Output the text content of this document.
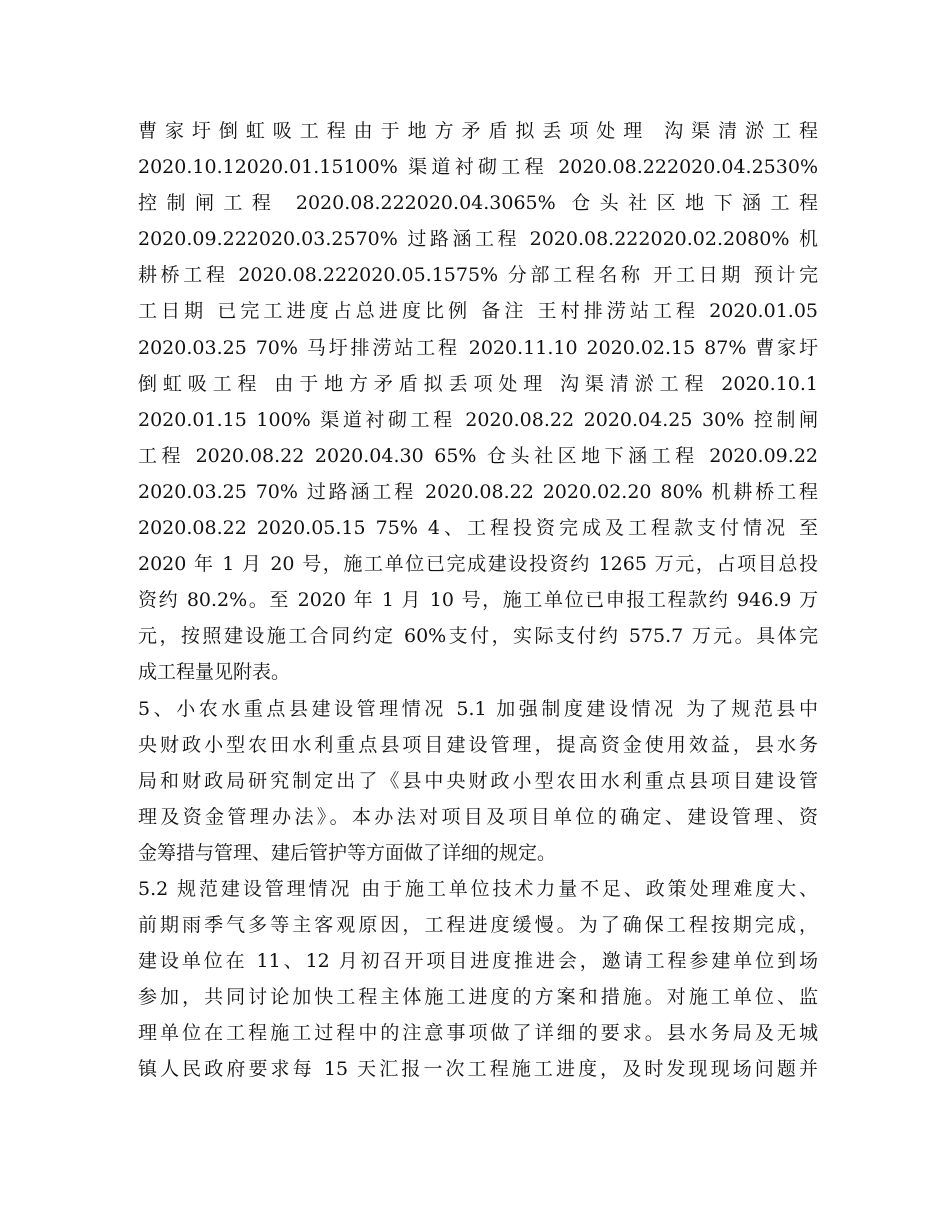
曹家圩倒虹吸工程由于地方矛盾拟丢项处理 沟渠清淤工程
2020.10.12020.01.15100% 渠道衬砌工程 2020.08.222020.04.2530%
控制闸工程 2020.08.222020.04.3065% 仓头社区地下涵工程
2020.09.222020.03.2570% 过路涵工程 2020.08.222020.02.2080% 机
耕桥工程 2020.08.222020.05.1575% 分部工程名称 开工日期 预计完
工日期 已完工进度占总进度比例 备注 王村排涝站工程 2020.01.05
2020.03.25 70% 马圩排涝站工程 2020.11.10 2020.02.15 87% 曹家圩
倒虹吸工程 由于地方矛盾拟丢项处理 沟渠清淤工程 2020.10.1
2020.01.15 100% 渠道衬砌工程 2020.08.22 2020.04.25 30% 控制闸
工程 2020.08.22 2020.04.30 65% 仓头社区地下涵工程 2020.09.22
2020.03.25 70% 过路涵工程 2020.08.22 2020.02.20 80% 机耕桥工程
2020.08.22 2020.05.15 75% 4、工程投资完成及工程款支付情况 至
2020 年 1 月 20 号，施工单位已完成建设投资约 1265 万元，占项目总投
资约 80.2%。至 2020 年 1 月 10 号，施工单位已申报工程款约 946.9 万
元，按照建设施工合同约定 60%支付，实际支付约 575.7 万元。具体完
成工程量见附表。
5、小农水重点县建设管理情况 5.1 加强制度建设情况 为了规范县中
央财政小型农田水利重点县项目建设管理，提高资金使用效益，县水务
局和财政局研究制定出了《县中央财政小型农田水利重点县项目建设管
理及资金管理办法》。本办法对项目及项目单位的确定、建设管理、资
金筹措与管理、建后管护等方面做了详细的规定。
5.2 规范建设管理情况 由于施工单位技术力量不足、政策处理难度大、
前期雨季气多等主客观原因，工程进度缓慢。为了确保工程按期完成，
建设单位在 11、12 月初召开项目进度推进会，邀请工程参建单位到场
参加，共同讨论加快工程主体施工进度的方案和措施。对施工单位、监
理单位在工程施工过程中的注意事项做了详细的要求。县水务局及无城
镇人民政府要求每 15 天汇报一次工程施工进度，及时发现现场问题并
